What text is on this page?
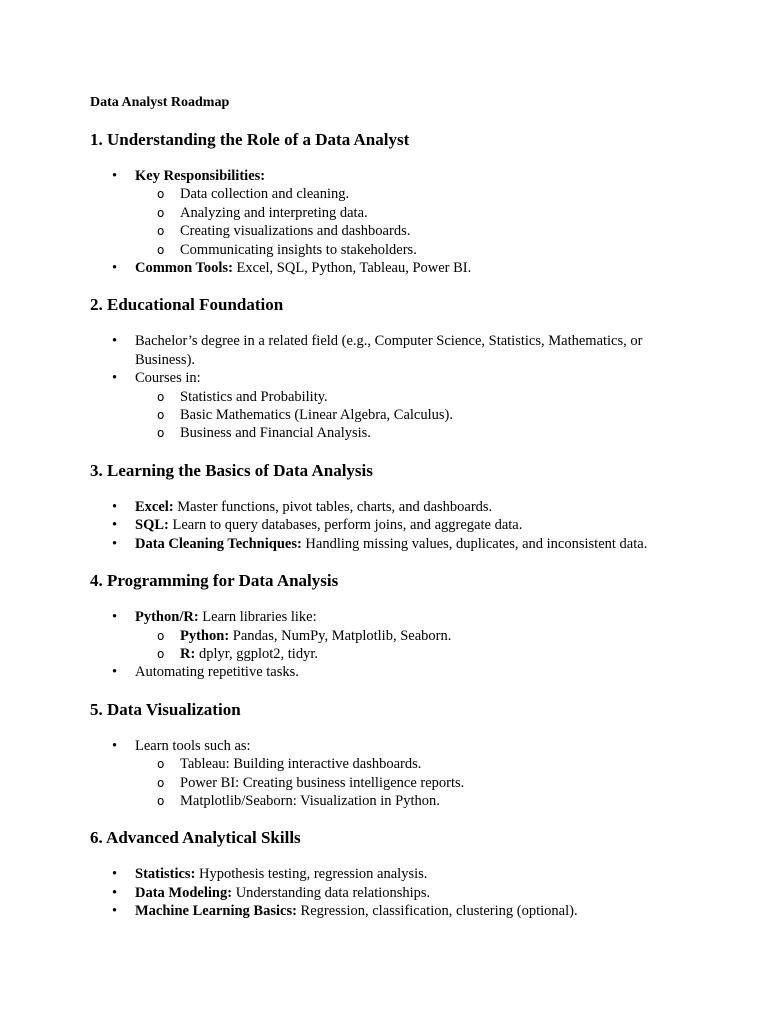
Data Analyst Roadmap
1. Understanding the Role of a Data Analyst
• Key Responsibilities:
o Data collection and cleaning.
o Analyzing and interpreting data.
o Creating visualizations and dashboards.
o Communicating insights to stakeholders.
• Common Tools: Excel, SQL, Python, Tableau, Power BI.
2. Educational Foundation
• Bachelor’s degree in a related field (e.g., Computer Science, Statistics, Mathematics, or Business).
• Courses in:
o Statistics and Probability.
o Basic Mathematics (Linear Algebra, Calculus).
o Business and Financial Analysis.
3. Learning the Basics of Data Analysis
• Excel: Master functions, pivot tables, charts, and dashboards.
• SQL: Learn to query databases, perform joins, and aggregate data.
• Data Cleaning Techniques: Handling missing values, duplicates, and inconsistent data.
4. Programming for Data Analysis
• Python/R: Learn libraries like:
o Python: Pandas, NumPy, Matplotlib, Seaborn.
o R: dplyr, ggplot2, tidyr.
• Automating repetitive tasks.
5. Data Visualization
• Learn tools such as:
o Tableau: Building interactive dashboards.
o Power BI: Creating business intelligence reports.
o Matplotlib/Seaborn: Visualization in Python.
6. Advanced Analytical Skills
• Statistics: Hypothesis testing, regression analysis.
• Data Modeling: Understanding data relationships.
• Machine Learning Basics: Regression, classification, clustering (optional).
